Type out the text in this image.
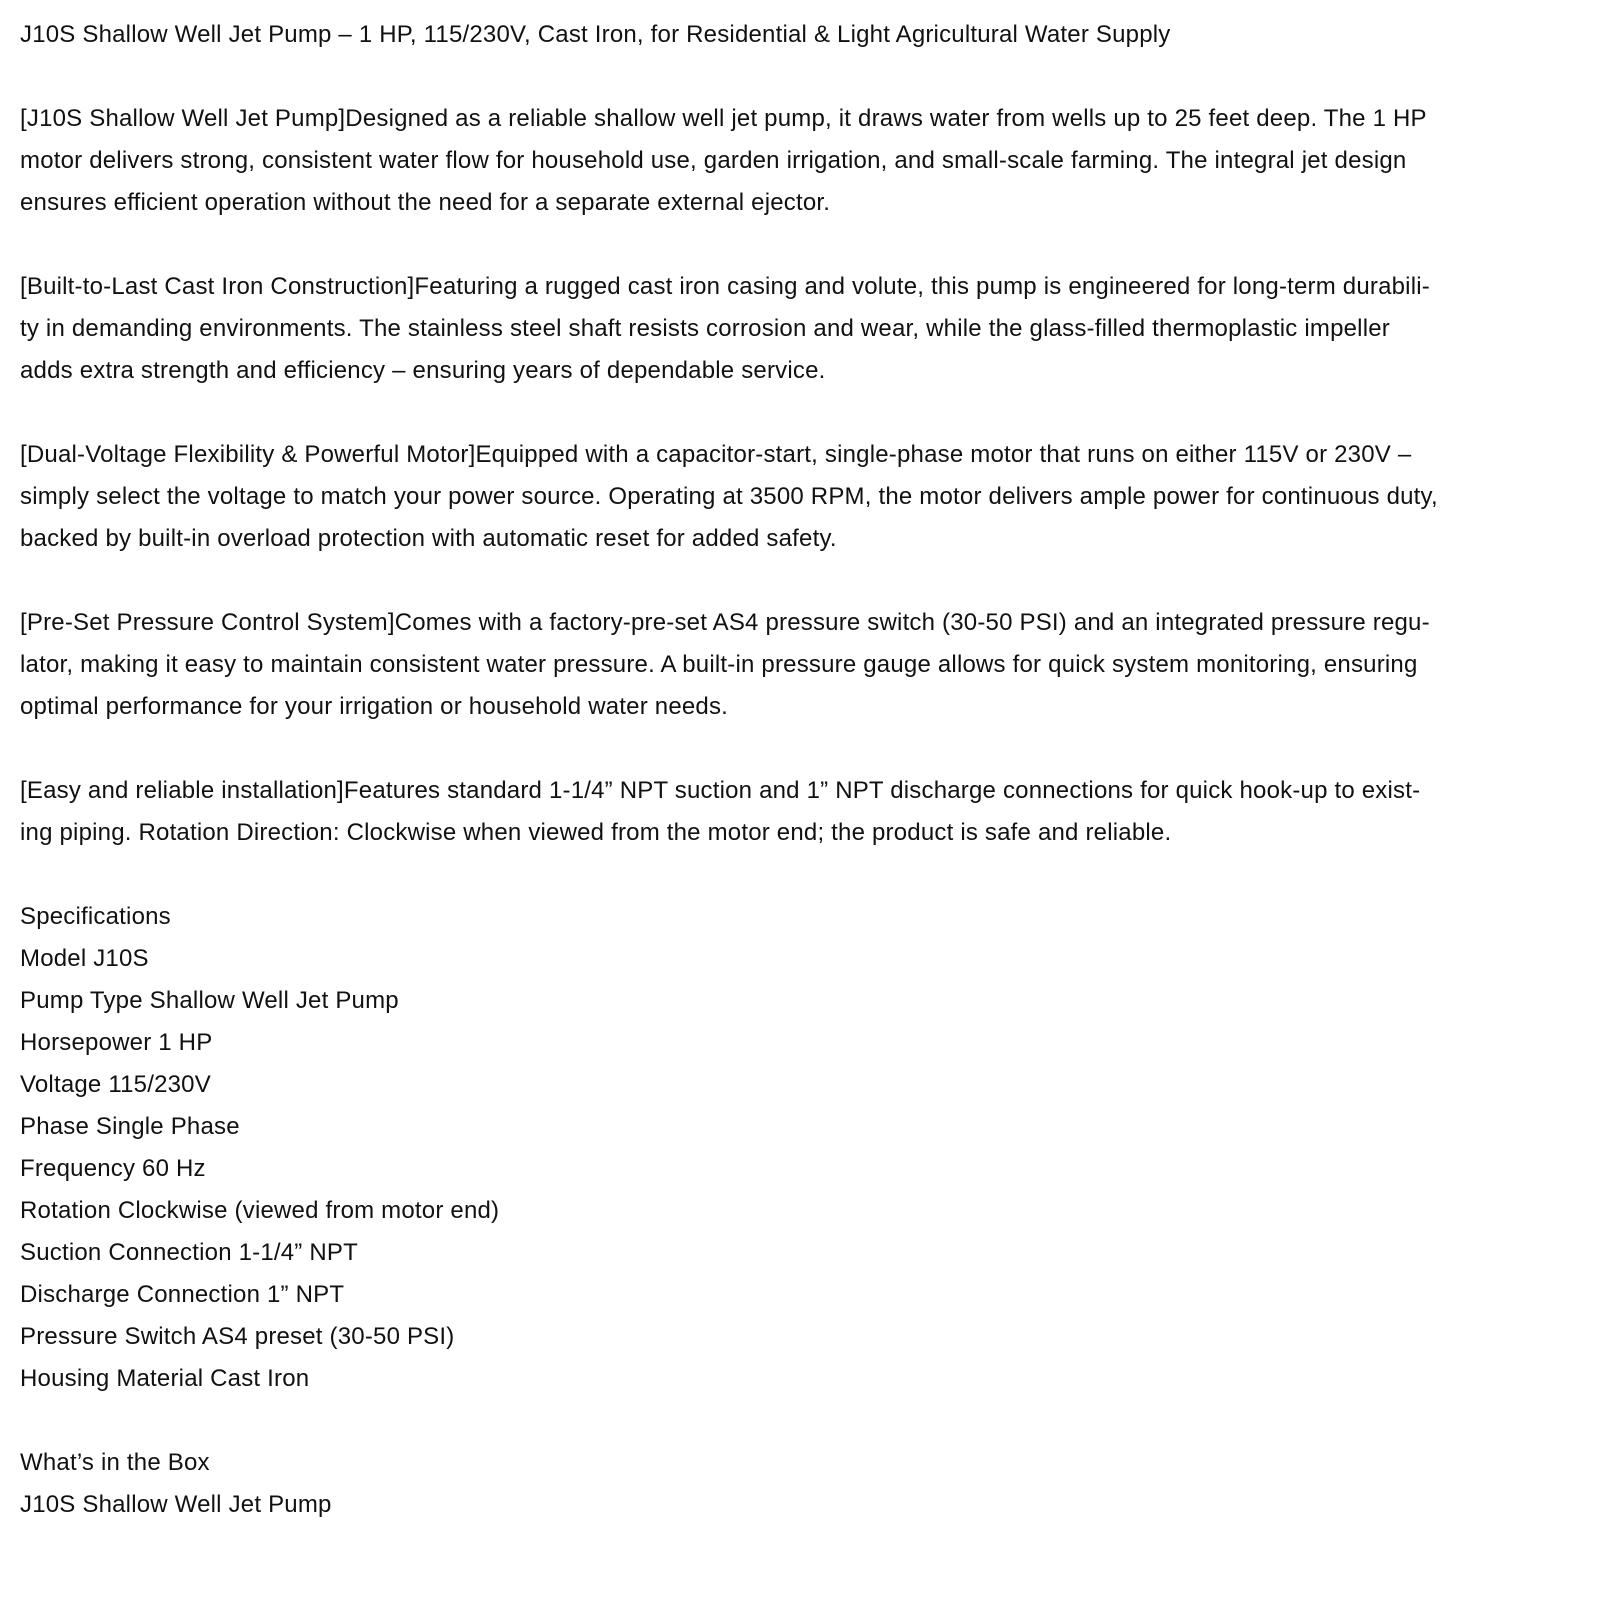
J10S Shallow Well Jet Pump – 1 HP, 115/230V, Cast Iron, for Residential & Light Agricultural Water Supply

[J10S Shallow Well Jet Pump]Designed as a reliable shallow well jet pump, it draws water from wells up to 25 feet deep. The 1 HP

motor delivers strong, consistent water flow for household use, garden irrigation, and small-scale farming. The integral jet design

ensures efficient operation without the need for a separate external ejector.

[Built-to-Last Cast Iron Construction]Featuring a rugged cast iron casing and volute, this pump is engineered for long-term durabili-

ty in demanding environments. The stainless steel shaft resists corrosion and wear, while the glass-filled thermoplastic impeller

adds extra strength and efficiency – ensuring years of dependable service.

[Dual-Voltage Flexibility & Powerful Motor]Equipped with a capacitor-start, single-phase motor that runs on either 115V or 230V –

simply select the voltage to match your power source. Operating at 3500 RPM, the motor delivers ample power for continuous duty,

backed by built-in overload protection with automatic reset for added safety.

[Pre-Set Pressure Control System]Comes with a factory-pre-set AS4 pressure switch (30-50 PSI) and an integrated pressure regu-

lator, making it easy to maintain consistent water pressure. A built-in pressure gauge allows for quick system monitoring, ensuring

optimal performance for your irrigation or household water needs.

[Easy and reliable installation]Features standard 1-1/4” NPT suction and 1” NPT discharge connections for quick hook-up to exist-

ing piping. Rotation Direction: Clockwise when viewed from the motor end; the product is safe and reliable.

Specifications

Model J10S

Pump Type Shallow Well Jet Pump

Horsepower 1 HP

Voltage 115/230V

Phase Single Phase

Frequency 60 Hz

Rotation Clockwise (viewed from motor end)

Suction Connection 1-1/4” NPT

Discharge Connection 1” NPT

Pressure Switch AS4 preset (30-50 PSI)

Housing Material Cast Iron

What’s in the Box

J10S Shallow Well Jet Pump
